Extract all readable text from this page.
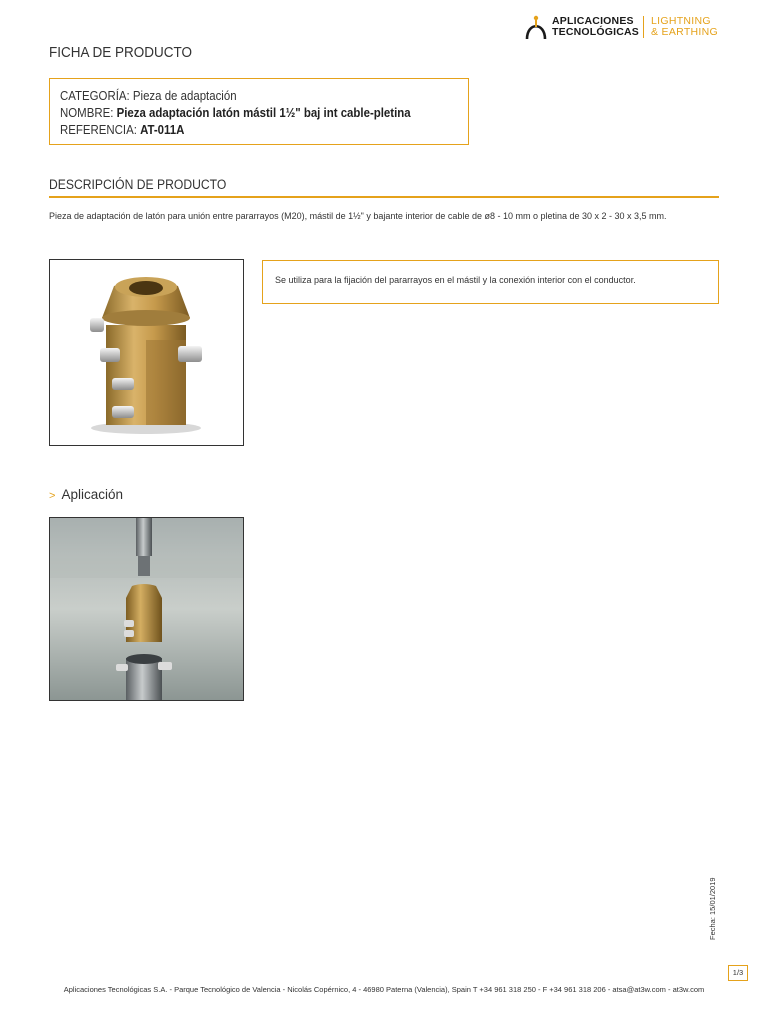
APLICACIONES
TECNOLÓGICAS
LIGHTNING
& EARTHING
FICHA DE PRODUCTO
CATEGORÍA: Pieza de adaptación
NOMBRE: Pieza adaptación latón mástil 1½" baj int cable-pletina
REFERENCIA: AT-011A
DESCRIPCIÓN DE PRODUCTO
Pieza de adaptación de latón para unión entre pararrayos (M20), mástil de 1½" y bajante interior de cable de ø8 - 10 mm o pletina de 30 x 2 - 30 x 3,5 mm.
Se utiliza para la fijación del pararrayos en el mástil y la conexión interior con el conductor.
> Aplicación
Fecha: 15/01/2019
1/3
Aplicaciones Tecnológicas S.A. - Parque Tecnológico de Valencia - Nicolás Copérnico, 4 - 46980 Paterna (Valencia), Spain T +34 961 318 250 - F +34 961 318 206 - atsa@at3w.com - at3w.com
